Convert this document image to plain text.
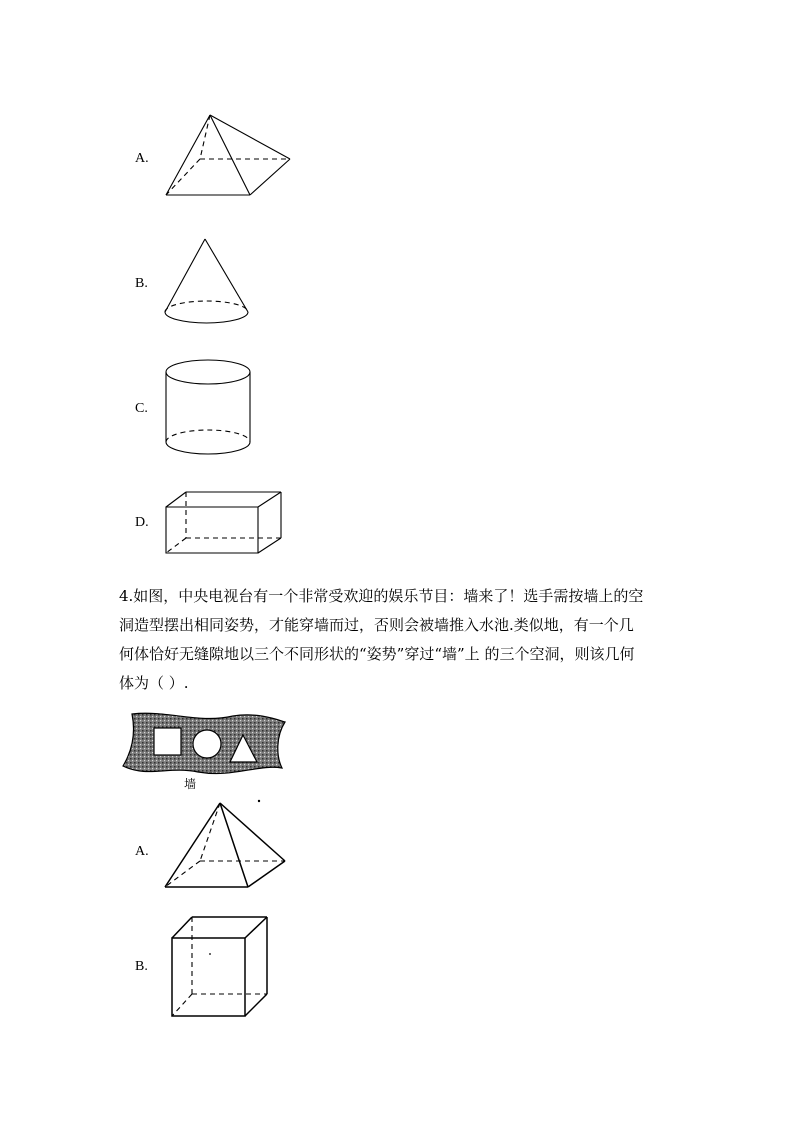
A.
B.
C.
D.
4.如图，中央电视台有一个非常受欢迎的娱乐节目：墙来了！选手需按墙上的空
洞造型摆出相同姿势，才能穿墙而过，否则会被墙推入水池.类似地，有一个几
何体恰好无缝隙地以三个不同形状的“姿势”穿过“墙”上 的三个空洞，则该几何
体为（ ）.
墙
A.
B.
